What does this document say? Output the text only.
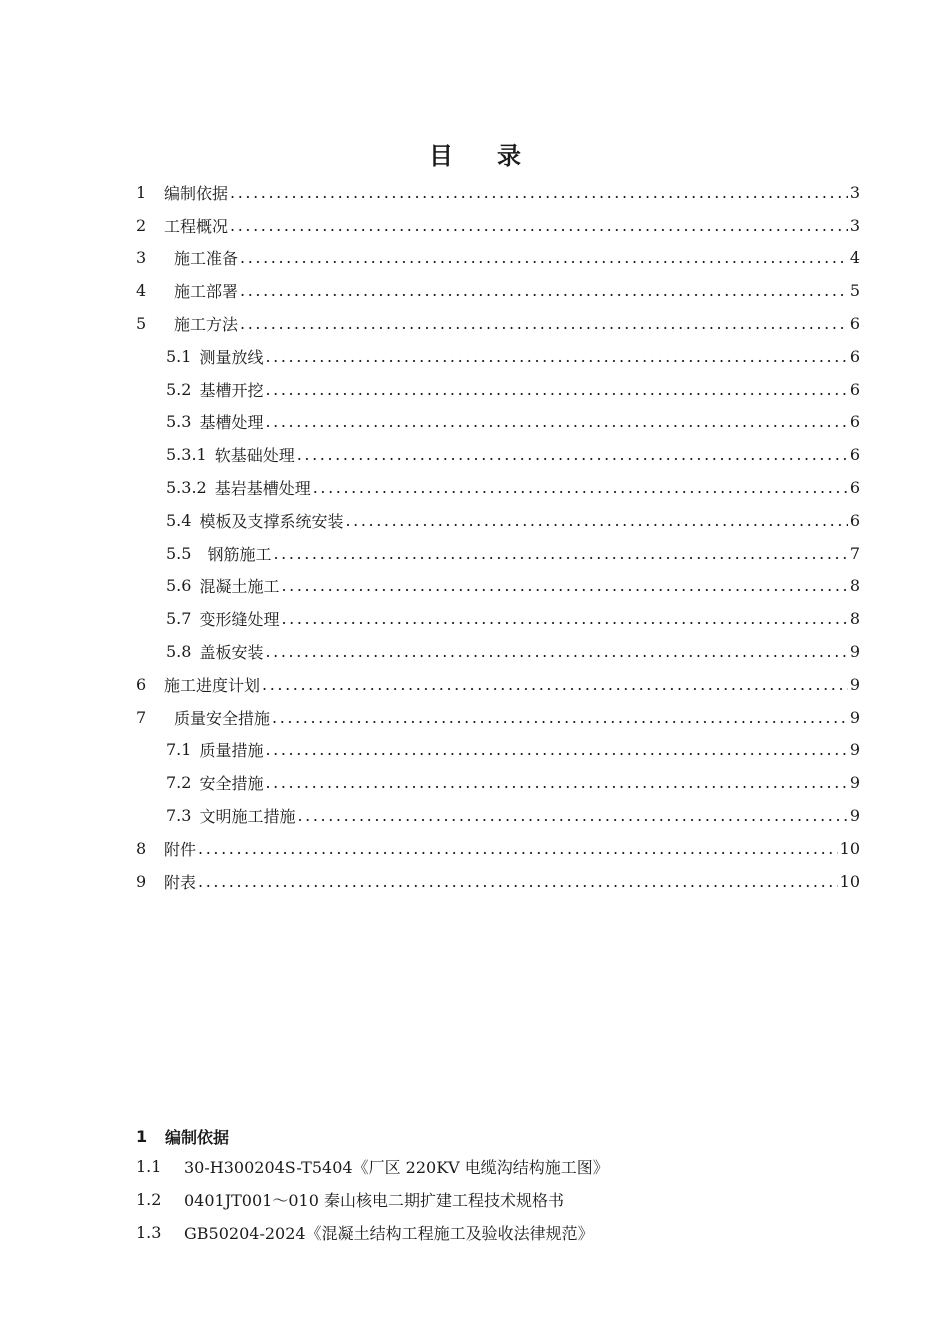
目 录
1	编制依据 .....	3
2	工程概况 .....	3
3	施工准备 .....	4
4	施工部署 .....	5
5	施工方法 .....	6
5.1 测量放线 .....	6
5.2 基槽开挖 .....	6
5.3 基槽处理 .....	6
5.3.1 软基础处理 .....	6
5.3.2 基岩基槽处理 .....	6
5.4 模板及支撑系统安装 .....	6
5.5 钢筋施工 .....	7
5.6 混凝土施工 .....	8
5.7 变形缝处理 .....	8
5.8 盖板安装 .....	9
6	施工进度计划 .....	9
7	质量安全措施 .....	9
7.1 质量措施 .....	9
7.2 安全措施 .....	9
7.3 文明施工措施 .....	9
8	附件 .....	10
9	附表 .....	10
1	编制依据
1.1	30-H300204S-T5404《厂区 220KV 电缆沟结构施工图》
1.2	0401JT001～010 秦山核电二期扩建工程技术规格书
1.3	GB50204-2024《混凝土结构工程施工及验收法律规范》
